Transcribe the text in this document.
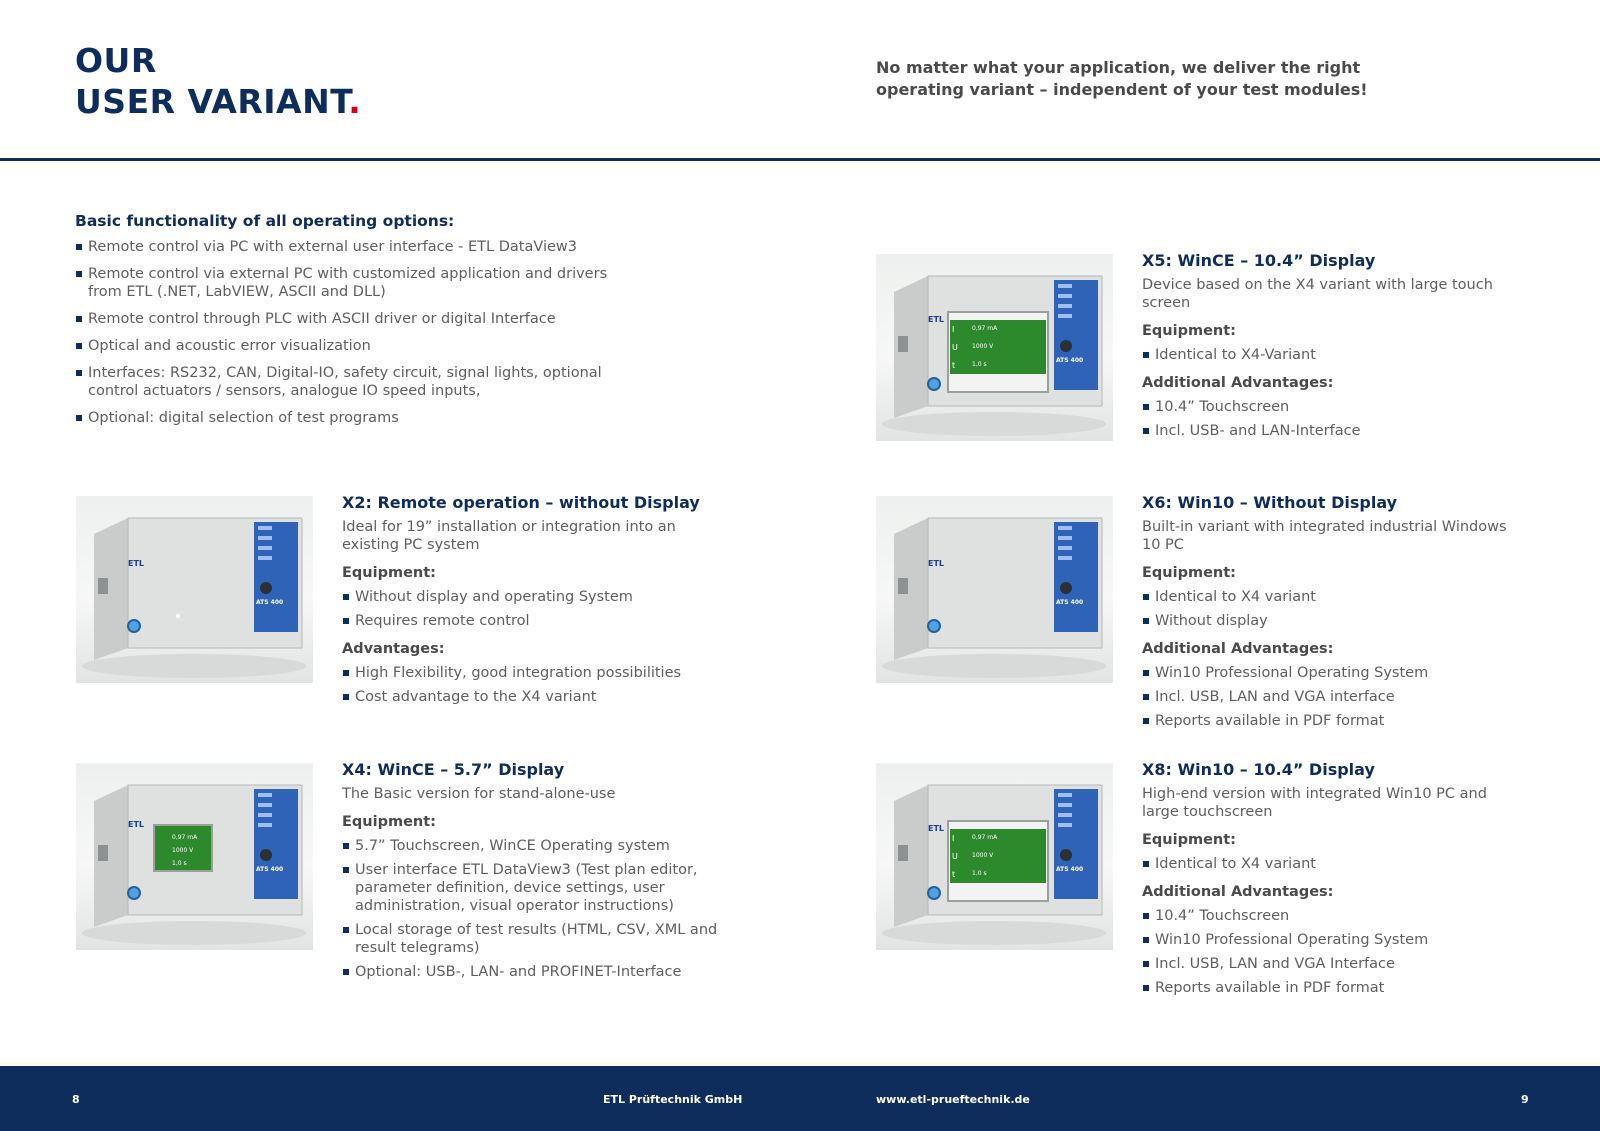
OUR
USER VARIANT.

No matter what your application, we deliver the right operating variant – independent of your test modules!

Basic functionality of all operating options:
Remote control via PC with external user interface - ETL DataView3
Remote control via external PC with customized application and drivers from ETL (.NET, LabVIEW, ASCII and DLL)
Remote control through PLC with ASCII driver or digital Interface
Optical and acoustic error visualization
Interfaces: RS232, CAN, Digital-IO, safety circuit, signal lights, optional control actuators / sensors, analogue IO speed inputs,
Optional: digital selection of test programs
ATS 400
ETL
X2: Remote operation – without Display

Ideal for 19” installation or integration into an existing PC system

Equipment:

Without display and operating System
Requires remote control

Advantages:

High Flexibility, good integration possibilities
Cost advantage to the X4 variant
ATS 400
ETL
0,97 mA
1000 V
1,0 s
X4: WinCE – 5.7” Display

The Basic version for stand-alone-use

Equipment:

5.7” Touchscreen, WinCE Operating system
User interface ETL DataView3 (Test plan editor, parameter definition, device settings, user administration, visual operator instructions)
Local storage of test results (HTML, CSV, XML and result telegrams)
Optional: USB-, LAN- and PROFINET-Interface
ATS 400
ETL
I
U
t
0,97 mA
1000 V
1,0 s
X5: WinCE – 10.4” Display

Device based on the X4 variant with large touch screen

Equipment:

Identical to X4-Variant

Additional Advantages:

10.4” Touchscreen
Incl. USB- and LAN-Interface
ATS 400
ETL
X6: Win10 – Without Display

Built-in variant with integrated industrial Windows 10 PC

Equipment:

Identical to X4 variant
Without display

Additional Advantages:

Win10 Professional Operating System
Incl. USB, LAN and VGA interface
Reports available in PDF format
ATS 400
ETL
I
U
t
0,97 mA
1000 V
1,0 s
X8: Win10 – 10.4” Display

High-end version with integrated Win10 PC and large touchscreen

Equipment:

Identical to X4 variant

Additional Advantages:

10.4” Touchscreen
Win10 Professional Operating System
Incl. USB, LAN and VGA Interface
Reports available in PDF format
8	ETL Prüftechnik GmbH	www.etl-prueftechnik.de	9
